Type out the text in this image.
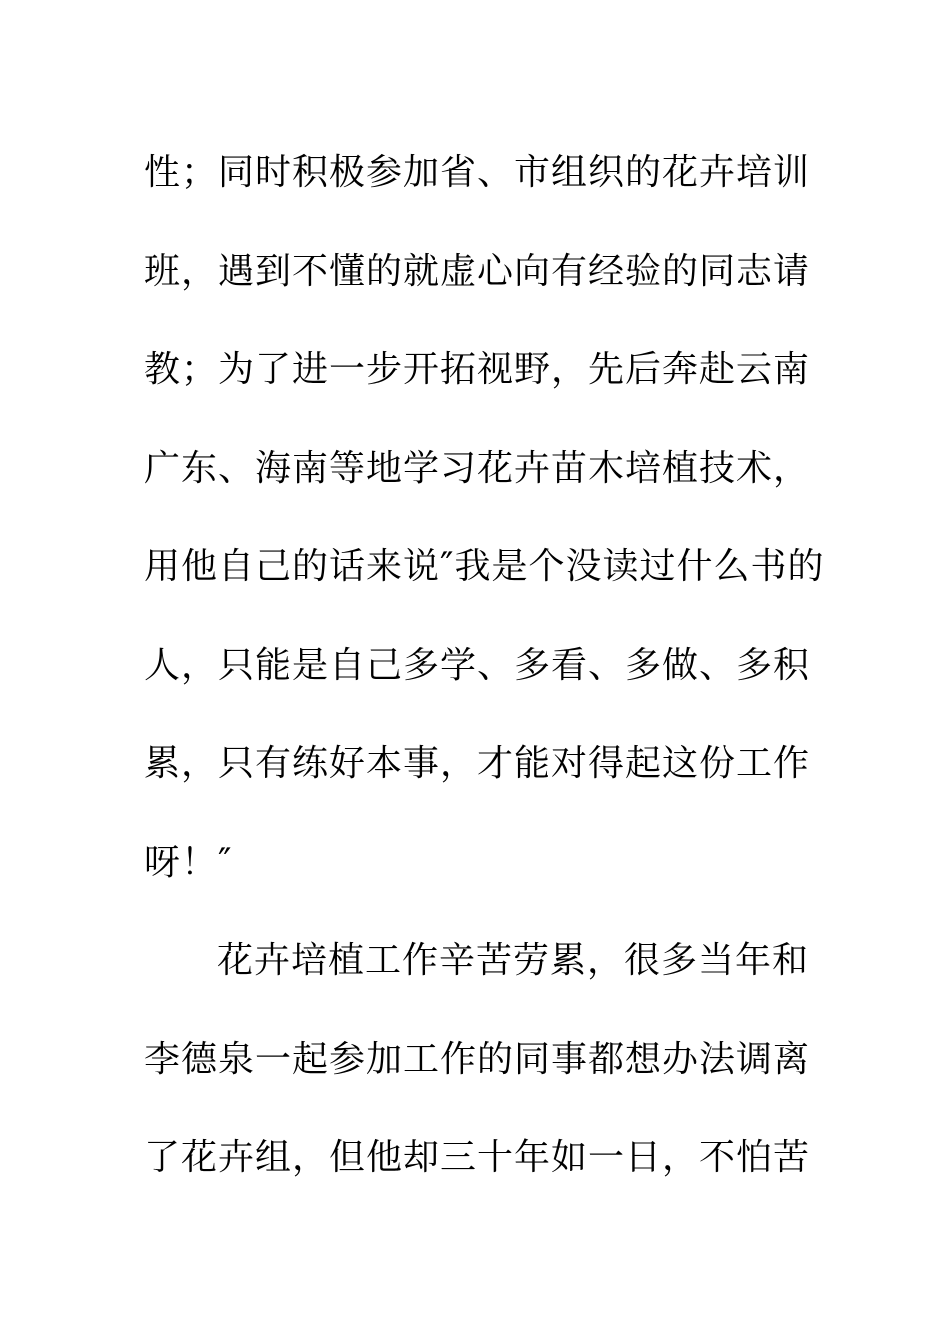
性；同时积极参加省、市组织的花卉培训
班，遇到不懂的就虚心向有经验的同志请
教；为了进一步开拓视野，先后奔赴云南
广东、海南等地学习花卉苗木培植技术，
用他自己的话来说″我是个没读过什么书的
人，只能是自己多学、多看、多做、多积
累，只有练好本事，才能对得起这份工作
呀！″
花卉培植工作辛苦劳累，很多当年和
李德泉一起参加工作的同事都想办法调离
了花卉组，但他却三十年如一日，不怕苦
